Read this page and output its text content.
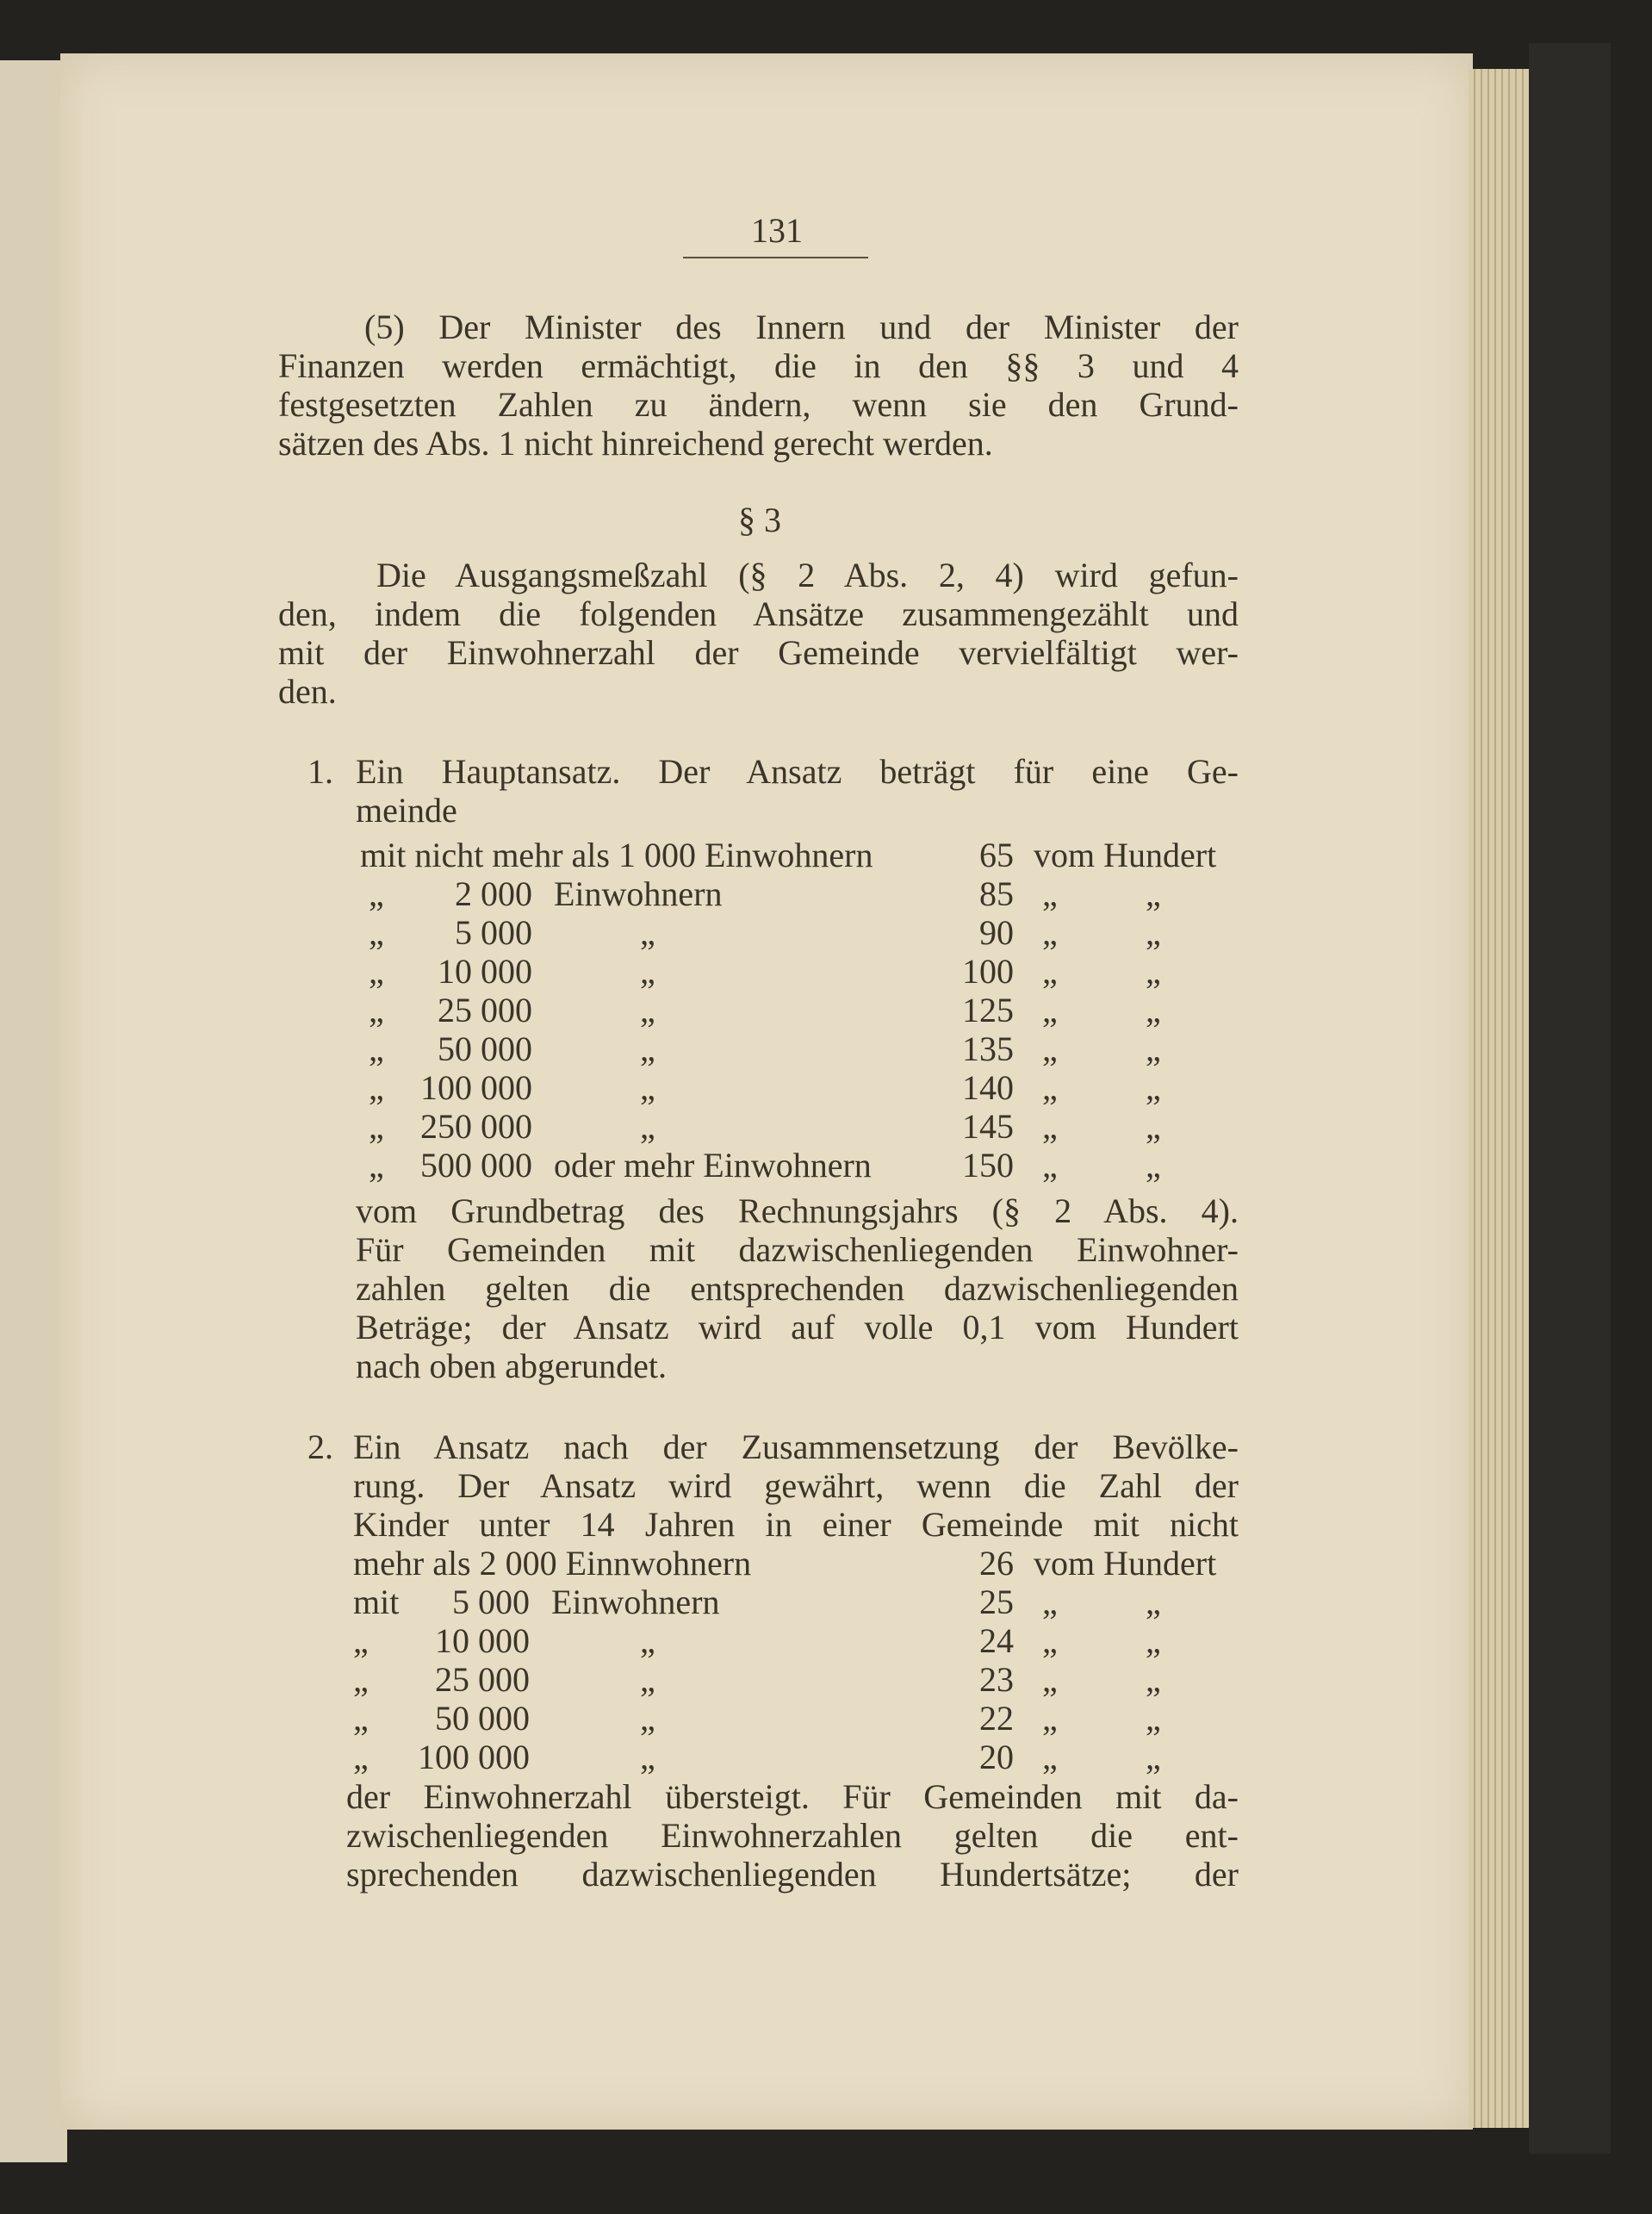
131
(5) Der Minister des Innern und der Minister der
Finanzen werden ermächtigt, die in den §§ 3 und 4
festgesetzten Zahlen zu ändern, wenn sie den Grund-
sätzen des Abs. 1 nicht hinreichend gerecht werden.
§ 3
Die Ausgangsmeßzahl (§ 2 Abs. 2, 4) wird gefun-
den, indem die folgenden Ansätze zusammengezählt und
mit der Einwohnerzahl der Gemeinde vervielfältigt wer-
den.
1. Ein Hauptansatz. Der Ansatz beträgt für eine Ge-
meinde
mit nicht mehr als 1 000 Einwohnern	65 vom Hundert
„	2 000 Einwohnern	85 „	„
„	5 000	„	90 „	„
„	10 000	„	100 „	„
„	25 000	„	125 „	„
„	50 000	„	135 „	„
„	100 000	„	140 „	„
„	250 000	„	145 „	„
„	500 000 oder mehr Einwohnern	150 „	„
vom Grundbetrag des Rechnungsjahrs (§ 2 Abs. 4).
Für Gemeinden mit dazwischenliegenden Einwohner-
zahlen gelten die entsprechenden dazwischenliegenden
Beträge; der Ansatz wird auf volle 0,1 vom Hundert
nach oben abgerundet.
2. Ein Ansatz nach der Zusammensetzung der Bevölke-
rung. Der Ansatz wird gewährt, wenn die Zahl der
Kinder unter 14 Jahren in einer Gemeinde mit nicht
mehr als 2 000 Einnwohnern	26 vom Hundert
mit	5 000 Einwohnern	25 „	„
„	10 000	„	24 „	„
„	25 000	„	23 „	„
„	50 000	„	22 „	„
„	100 000	„	20 „	„
der Einwohnerzahl übersteigt. Für Gemeinden mit da-
zwischenliegenden Einwohnerzahlen gelten die ent-
sprechenden dazwischenliegenden Hundertsätze; der
